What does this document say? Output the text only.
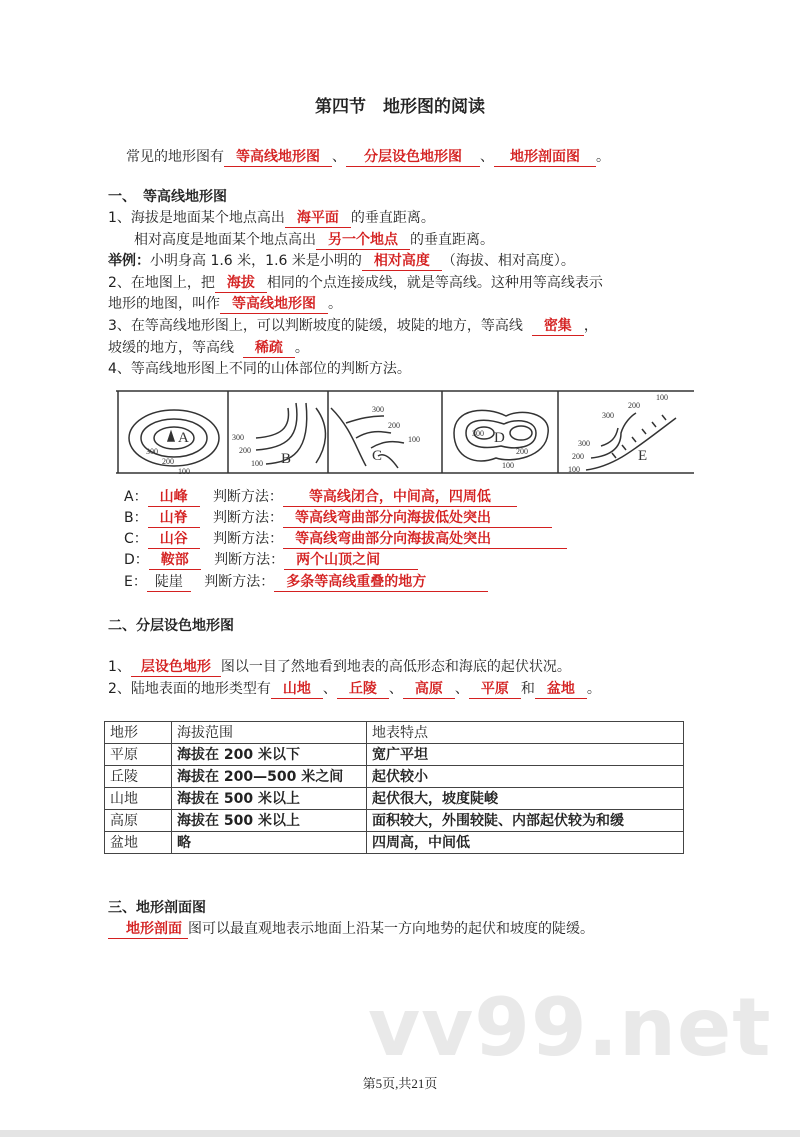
第四节　地形图的阅读
常见的地形图有 等高线地形图 、 分层设色地形图 、 地形剖面图 。
一、　等高线地形图
1、海拔是地面某个地点高出 海平面 的垂直距离。
相对高度是地面某个地点高出 另一个地点 的垂直距离。
举例：小明身高 1.6 米，1.6 米是小明的 相对高度 （海拔、相对高度）。
2、在地图上，把 海拔 相同的个点连接成线，就是等高线。这种用等高线表示
地形的地图，叫作 等高线地形图 。
3、在等高线地形图上，可以判断坡度的陡缓，坡陡的地方，等高线 密集 ，
坡缓的地方，等高线 稀疏 。
4、等高线地形图上不同的山体部位的判断方法。
A
B	C
D
E
300
200
100
300
200
100
300
200
100
300
200
100
300
200
100
300
200
100
A： 山峰 判断方法： 等高线闭合，中间高，四周低
B： 山脊 判断方法： 等高线弯曲部分向海拔低处突出
C： 山谷 判断方法： 等高线弯曲部分向海拔高处突出
D： 鞍部 判断方法： 两个山顶之间
E： 陡崖 判断方法： 多条等高线重叠的地方
二、分层设色地形图
1、 层设色地形 图以一目了然地看到地表的高低形态和海底的起伏状况。
2、陆地表面的地形类型有 山地 、 丘陵 、 高原 、 平原 和 盆地 。
地形	海拔范围	地表特点
平原	海拔在 200 米以下	宽广平坦
丘陵	海拔在 200—500 米之间	起伏较小
山地	海拔在 500 米以上	起伏很大，坡度陡峻
高原	海拔在 500 米以上	面积较大，外围较陡、内部起伏较为和缓
盆地	略	四周高，中间低
三、地形剖面图
地形剖面 图可以最直观地表示地面上沿某一方向地势的起伏和坡度的陡缓。
vv99.net
第5页,共21页
